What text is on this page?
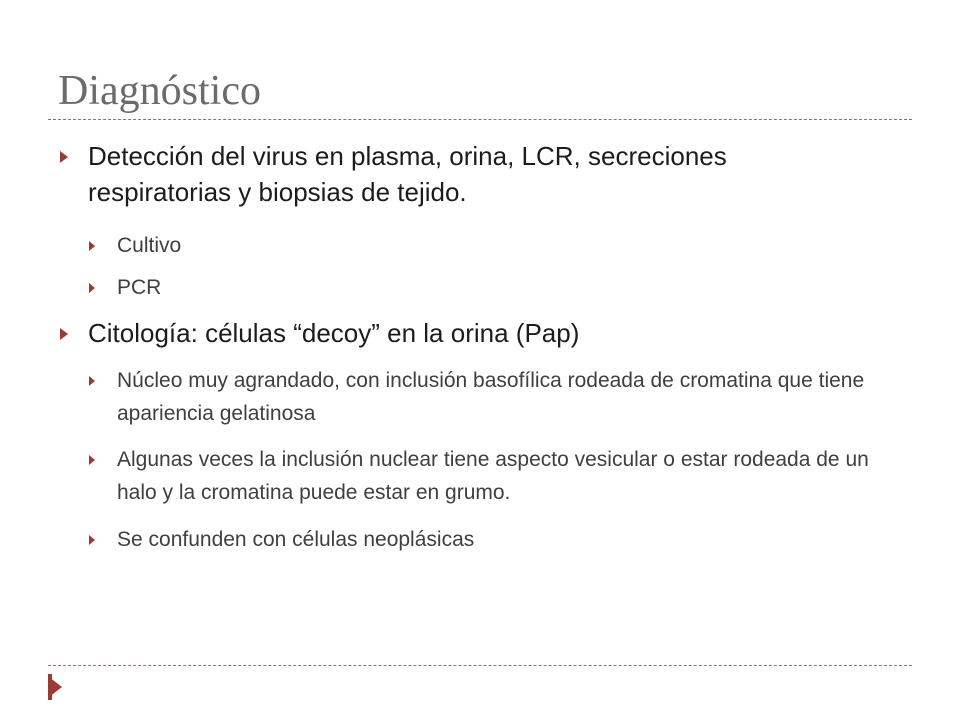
Diagnóstico
Detección del virus en plasma, orina, LCR, secreciones respiratorias y biopsias de tejido.
Cultivo
PCR
Citología: células “decoy” en la orina (Pap)
Núcleo muy agrandado, con inclusión basofílica rodeada de cromatina que tiene apariencia gelatinosa
Algunas veces la inclusión nuclear tiene aspecto vesicular o estar rodeada de un halo y la cromatina puede estar en grumo.
Se confunden con células neoplásicas
